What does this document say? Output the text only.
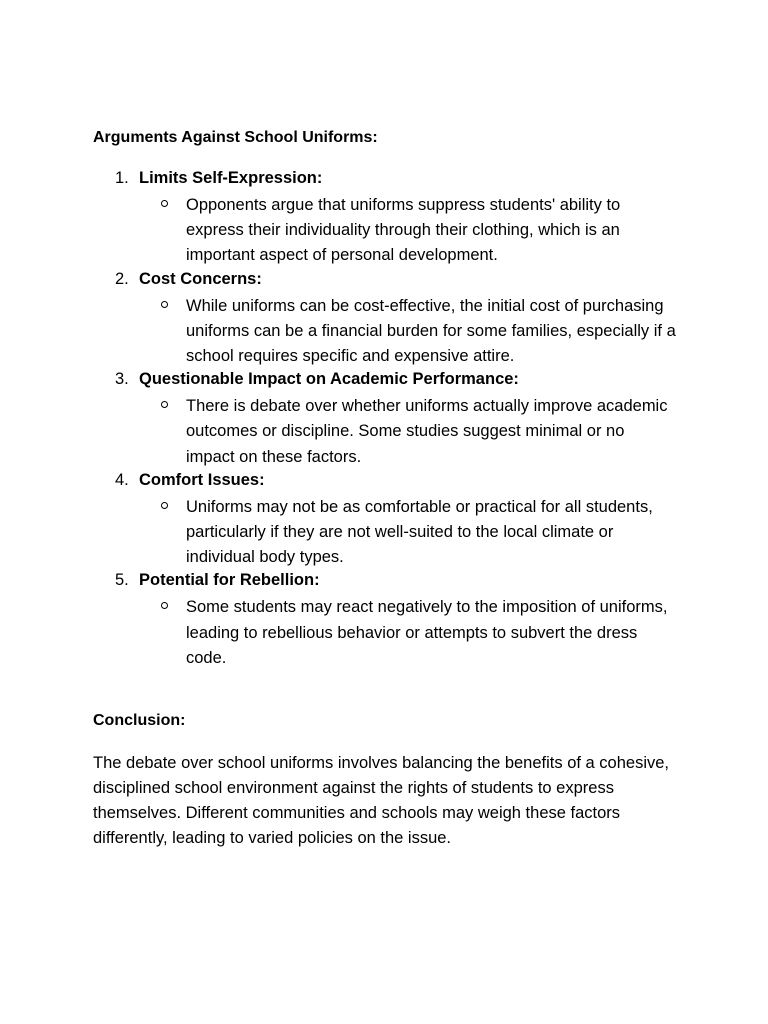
Arguments Against School Uniforms:
1. Limits Self-Expression:
Opponents argue that uniforms suppress students' ability to express their individuality through their clothing, which is an important aspect of personal development.
2. Cost Concerns:
While uniforms can be cost-effective, the initial cost of purchasing uniforms can be a financial burden for some families, especially if a school requires specific and expensive attire.
3. Questionable Impact on Academic Performance:
There is debate over whether uniforms actually improve academic outcomes or discipline. Some studies suggest minimal or no impact on these factors.
4. Comfort Issues:
Uniforms may not be as comfortable or practical for all students, particularly if they are not well-suited to the local climate or individual body types.
5. Potential for Rebellion:
Some students may react negatively to the imposition of uniforms, leading to rebellious behavior or attempts to subvert the dress code.
Conclusion:

The debate over school uniforms involves balancing the benefits of a cohesive, disciplined school environment against the rights of students to express themselves. Different communities and schools may weigh these factors differently, leading to varied policies on the issue.
